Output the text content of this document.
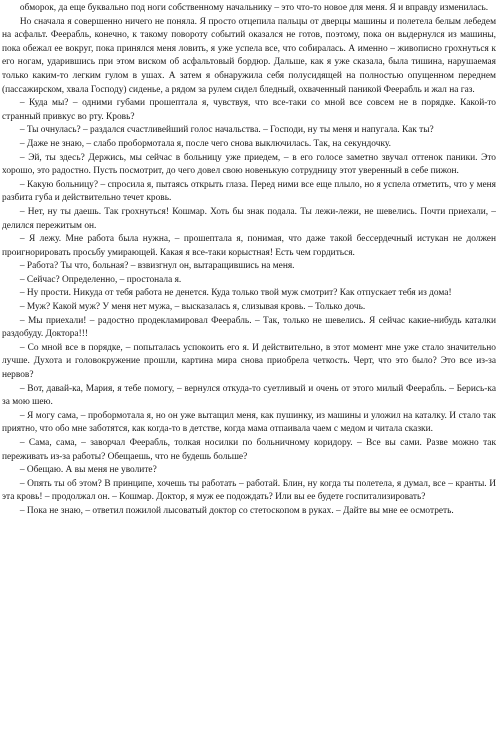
обморок, да еще буквально под ноги собственному начальнику – это что-то новое для меня. Я и вправду изменилась.

Но сначала я совершенно ничего не поняла. Я просто отцепила пальцы от дверцы машины и полетела белым лебедем на асфальт. Феерабль, конечно, к такому повороту событий оказался не готов, поэтому, пока он выдернулся из машины, пока обежал ее вокруг, пока принялся меня ловить, я уже успела все, что собиралась. А именно – живописно грохнуться к его ногам, ударившись при этом виском об асфальтовый бордюр. Дальше, как я уже сказала, была тишина, нарушаемая только каким-то легким гулом в ушах. А затем я обнаружила себя полусидящей на полностью опущенном переднем (пассажирском, хвала Господу) сиденье, а рядом за рулем сидел бледный, охваченный паникой Феерабль и жал на газ.

– Куда мы? – одними губами прошептала я, чувствуя, что все-таки со мной все совсем не в порядке. Какой-то странный привкус во рту. Кровь?

– Ты очнулась? – раздался счастливейший голос начальства. – Господи, ну ты меня и напугала. Как ты?

– Даже не знаю, – слабо пробормотала я, после чего снова выключилась. Так, на секундочку.

– Эй, ты здесь? Держись, мы сейчас в больницу уже приедем, – в его голосе заметно звучал оттенок паники. Это хорошо, это радостно. Пусть посмотрит, до чего довел свою новенькую сотрудницу этот уверенный в себе пижон.

– Какую больницу? – спросила я, пытаясь открыть глаза. Перед ними все еще плыло, но я успела отметить, что у меня разбита губа и действительно течет кровь.

– Нет, ну ты даешь. Так грохнуться! Кошмар. Хоть бы знак подала. Ты лежи-лежи, не шевелись. Почти приехали, – делился пережитым он.

– Я лежу. Мне работа была нужна, – прошептала я, понимая, что даже такой бессердечный истукан не должен проигнорировать просьбу умирающей. Какая я все-таки корыстная! Есть чем гордиться.

– Работа? Ты что, больная? – взвизгнул он, вытаращившись на меня.

– Сейчас? Определенно, – простонала я.

– Ну прости. Никуда от тебя работа не денется. Куда только твой муж смотрит? Как отпускает тебя из дома!

– Муж? Какой муж? У меня нет мужа, – высказалась я, слизывая кровь. – Только дочь.

– Мы приехали! – радостно продекламировал Феерабль. – Так, только не шевелись. Я сейчас какие-нибудь каталки раздобуду. Доктора!!!

– Со мной все в порядке, – попыталась успокоить его я. И действительно, в этот момент мне уже стало значительно лучше. Духота и головокружение прошли, картина мира снова приобрела четкость. Черт, что это было? Это все из-за нервов?

– Вот, давай-ка, Мария, я тебе помогу, – вернулся откуда-то суетливый и очень от этого милый Феерабль. – Берись-ка за мою шею.

– Я могу сама, – пробормотала я, но он уже вытащил меня, как пушинку, из машины и уложил на каталку. И стало так приятно, что обо мне заботятся, как когда-то в детстве, когда мама отпаивала чаем с медом и читала сказки.

– Сама, сама, – заворчал Феерабль, толкая носилки по больничному коридору. – Все вы сами. Разве можно так переживать из-за работы? Обещаешь, что не будешь больше?

– Обещаю. А вы меня не уволите?

– Опять ты об этом? В принципе, хочешь ты работать – работай. Блин, ну когда ты полетела, я думал, все – кранты. И эта кровь! – продолжал он. – Кошмар. Доктор, я муж ее подождать? Или вы ее будете госпитализировать?

– Пока не знаю, – ответил пожилой лысоватый доктор со стетоскопом в руках. – Дайте вы мне ее осмотреть.
